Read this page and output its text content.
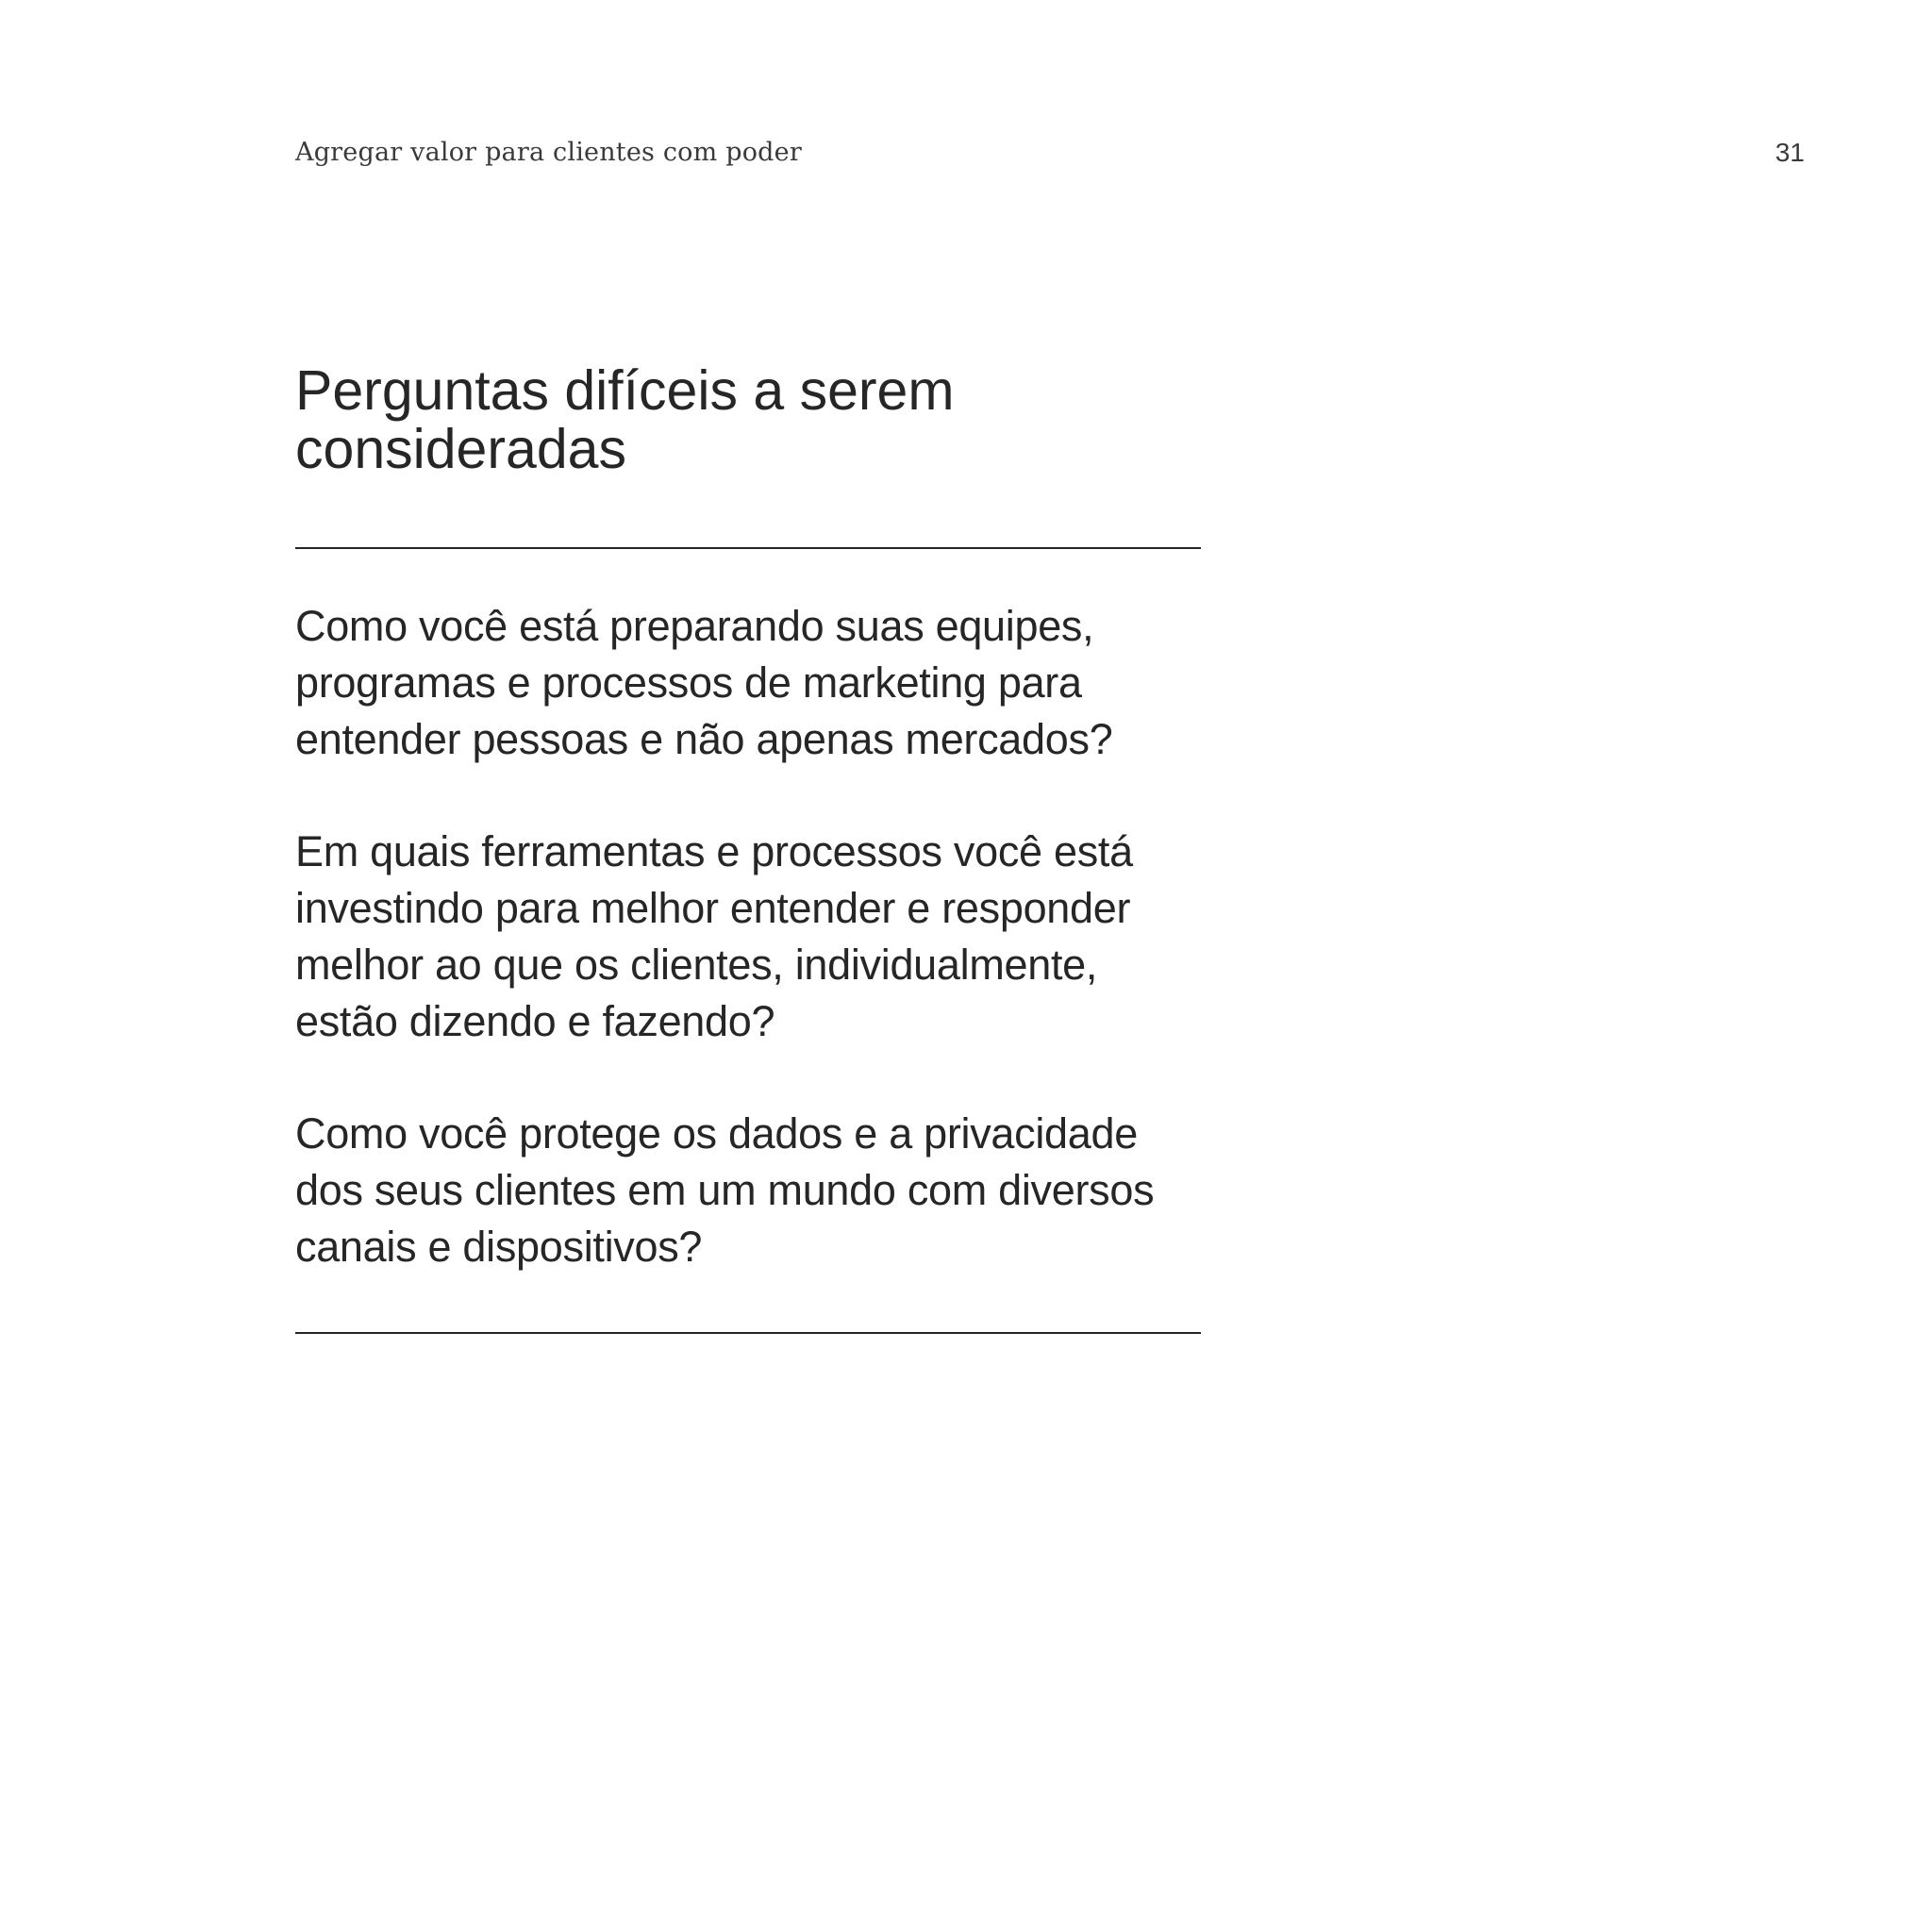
Agregar valor para clientes com poder	31
Perguntas difíceis a serem
consideradas
Como você está preparando suas equipes,
programas e processos de marketing para
entender pessoas e não apenas mercados?
Em quais ferramentas e processos você está
investindo para melhor entender e responder
melhor ao que os clientes, individualmente,
estão dizendo e fazendo?
Como você protege os dados e a privacidade
dos seus clientes em um mundo com diversos
canais e dispositivos?
